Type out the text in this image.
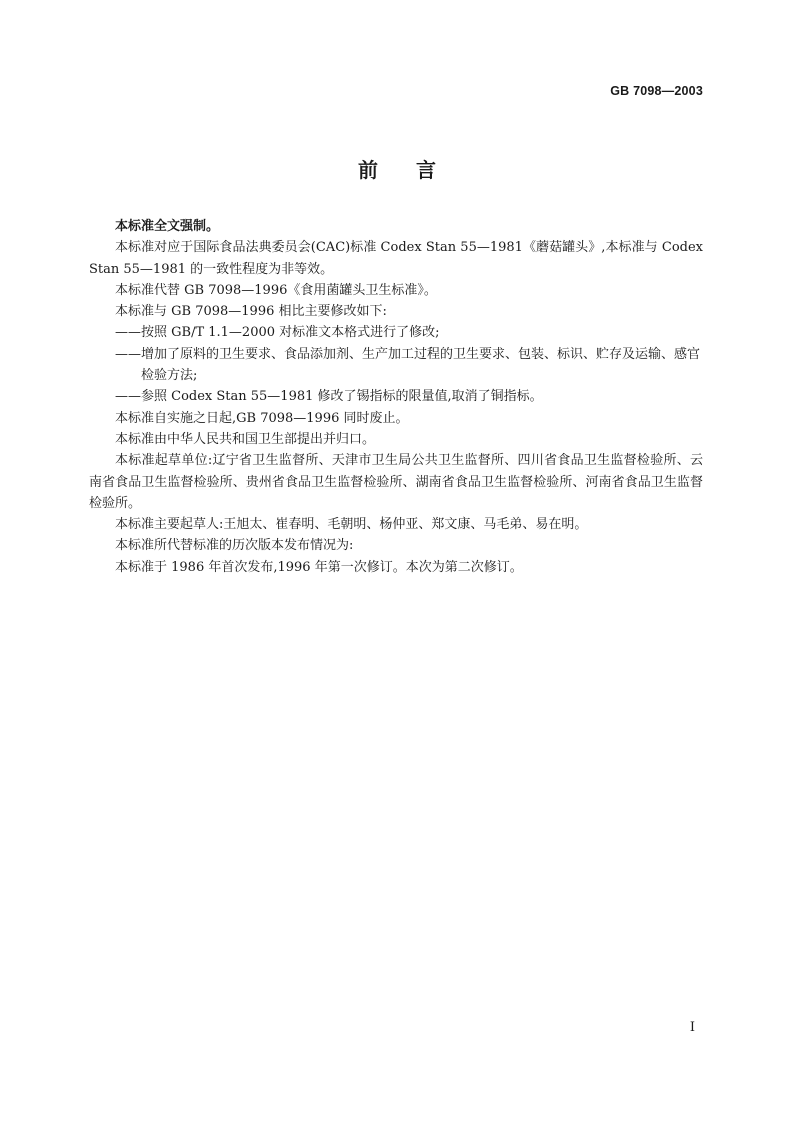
GB 7098—2003
前言

本标准全文强制。

本标准对应于国际食品法典委员会(CAC)标准 Codex Stan 55—1981《蘑菇罐头》,本标准与 Codex Stan 55—1981 的一致性程度为非等效。

本标准代替 GB 7098—1996《食用菌罐头卫生标准》。

本标准与 GB 7098—1996 相比主要修改如下:

——按照 GB/T 1.1—2000 对标准文本格式进行了修改;

——增加了原料的卫生要求、食品添加剂、生产加工过程的卫生要求、包装、标识、贮存及运输、感官

检验方法;

——参照 Codex Stan 55—1981 修改了锡指标的限量值,取消了铜指标。

本标准自实施之日起,GB 7098—1996 同时废止。

本标准由中华人民共和国卫生部提出并归口。

本标准起草单位:辽宁省卫生监督所、天津市卫生局公共卫生监督所、四川省食品卫生监督检验所、云南省食品卫生监督检验所、贵州省食品卫生监督检验所、湖南省食品卫生监督检验所、河南省食品卫生监督检验所。

本标准主要起草人:王旭太、崔春明、毛朝明、杨仲亚、郑文康、马毛弟、易在明。

本标准所代替标准的历次版本发布情况为:

本标准于 1986 年首次发布,1996 年第一次修订。本次为第二次修订。

I
